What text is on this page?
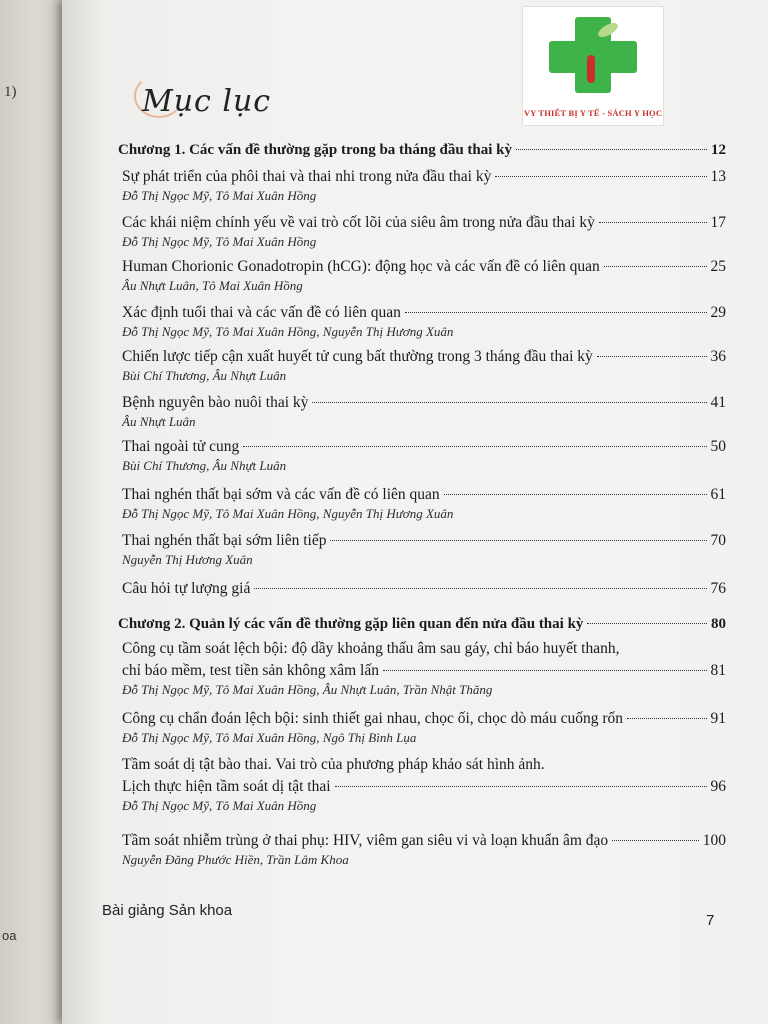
1)
oa
VY THIẾT BỊ Y TẾ - SÁCH Y HỌC
Mục lục
Chương 1. Các vấn đề thường gặp trong ba tháng đầu thai kỳ	12
Sự phát triển của phôi thai và thai nhi trong nửa đầu thai kỳ	13
Đỗ Thị Ngọc Mỹ, Tô Mai Xuân Hồng
Các khái niệm chính yếu về vai trò cốt lõi của siêu âm trong nửa đầu thai kỳ	17
Đỗ Thị Ngọc Mỹ, Tô Mai Xuân Hồng
Human Chorionic Gonadotropin (hCG): động học và các vấn đề có liên quan	25
Âu Nhựt Luân, Tô Mai Xuân Hồng
Xác định tuổi thai và các vấn đề có liên quan	29
Đỗ Thị Ngọc Mỹ, Tô Mai Xuân Hồng, Nguyễn Thị Hương Xuân
Chiến lược tiếp cận xuất huyết tử cung bất thường trong 3 tháng đầu thai kỳ	36
Bùi Chí Thương, Âu Nhựt Luân
Bệnh nguyên bào nuôi thai kỳ	41
Âu Nhựt Luân
Thai ngoài tử cung	50
Bùi Chí Thương, Âu Nhựt Luân
Thai nghén thất bại sớm và các vấn đề có liên quan	61
Đỗ Thị Ngọc Mỹ, Tô Mai Xuân Hồng, Nguyễn Thị Hương Xuân
Thai nghén thất bại sớm liên tiếp	70
Nguyễn Thị Hương Xuân
Câu hỏi tự lượng giá	76
Chương 2. Quản lý các vấn đề thường gặp liên quan đến nửa đầu thai kỳ	80
Công cụ tầm soát lệch bội: độ dầy khoảng thấu âm sau gáy, chỉ báo huyết thanh,
chỉ báo mềm, test tiền sản không xâm lấn	81
Đỗ Thị Ngọc Mỹ, Tô Mai Xuân Hồng, Âu Nhựt Luân, Trần Nhật Thăng
Công cụ chẩn đoán lệch bội: sinh thiết gai nhau, chọc ối, chọc dò máu cuống rốn	91
Đỗ Thị Ngọc Mỹ, Tô Mai Xuân Hồng, Ngô Thị Bình Lụa
Tầm soát dị tật bào thai. Vai trò của phương pháp khảo sát hình ảnh.
Lịch thực hiện tầm soát dị tật thai	96
Đỗ Thị Ngọc Mỹ, Tô Mai Xuân Hồng
Tầm soát nhiễm trùng ở thai phụ: HIV, viêm gan siêu vi và loạn khuẩn âm đạo	100
Nguyễn Đăng Phước Hiền, Trần Lâm Khoa
Bài giảng Sản khoa
7
